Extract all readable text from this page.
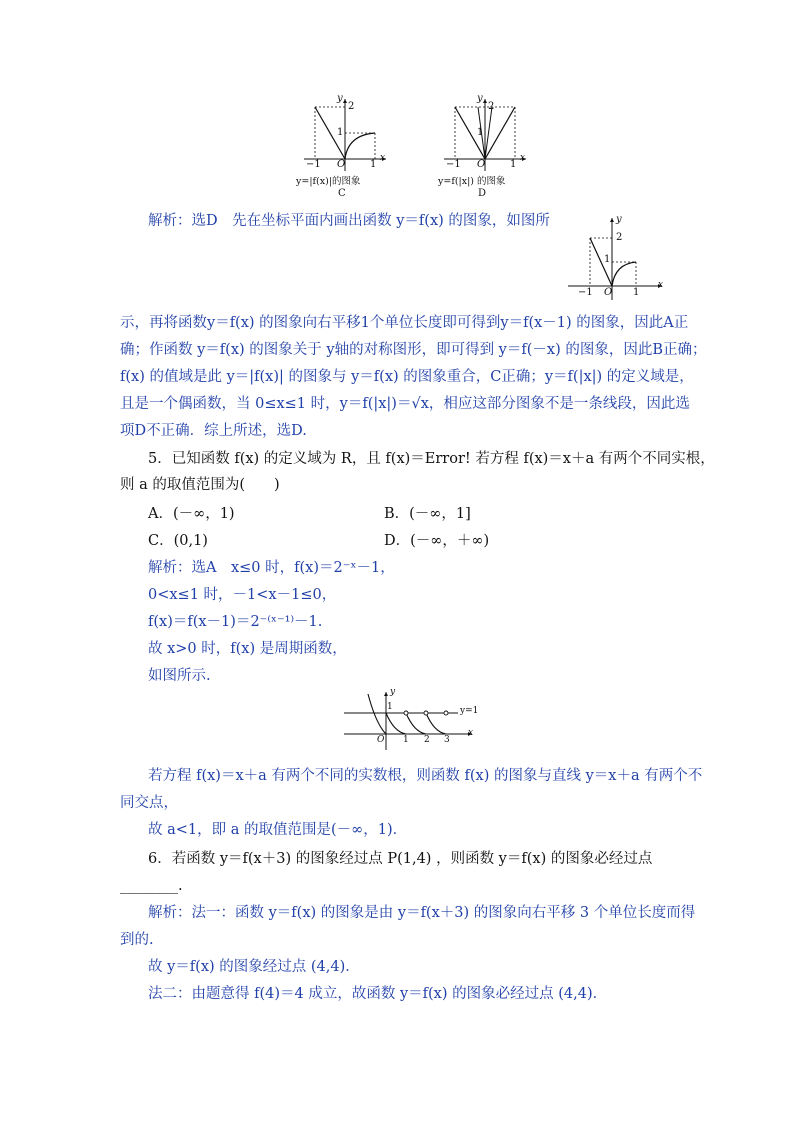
y
2
1
−1 O 1
x
y=|f(x)|的图象
C
y
2
1
−1 O 1
x
y=f(|x|) 的图象
D
解析：选D　先在坐标平面内画出函数 y＝f(x) 的图象，如图所	y
2
1
−1 O 1
x
示，再将函数y＝f(x) 的图象向右平移1个单位长度即可得到y＝f(x－1) 的图象，因此A正
确；作函数 y＝f(x) 的图象关于 y轴的对称图形，即可得到 y＝f(－x) 的图象，因此B正确；
f(x) 的值域是此 y＝|f(x)| 的图象与 y＝f(x) 的图象重合，C正确；y＝f(|x|) 的定义域是，
且是一个偶函数，当 0≤x≤1 时，y＝f(|x|)＝√x，相应这部分图象不是一条线段，因此选
项D不正确．综上所述，选D.
5．已知函数 f(x) 的定义域为 R，且 f(x)＝Error! 若方程 f(x)＝x＋a 有两个不同实根，
则 a 的取值范围为(　　)
A．(－∞，1)	B．(－∞，1]
C．(0,1)	D．(－∞，＋∞)
解析：选A　x≤0 时，f(x)＝2⁻ˣ－1，
0<x≤1 时，－1<x－1≤0，
f(x)＝f(x－1)＝2⁻⁽ˣ⁻¹⁾－1.
故 x>0 时，f(x) 是周期函数，
如图所示.
y
1
O 1 2 3
x
y=1
若方程 f(x)＝x＋a 有两个不同的实数根，则函数 f(x) 的图象与直线 y＝x＋a 有两个不
同交点，
故 a<1，即 a 的取值范围是(－∞，1)．
6．若函数 y＝f(x＋3) 的图象经过点 P(1,4) ，则函数 y＝f(x) 的图象必经过点
________.
解析：法一：函数 y＝f(x) 的图象是由 y＝f(x＋3) 的图象向右平移 3 个单位长度而得
到的.
故 y＝f(x) 的图象经过点 (4,4)．
法二：由题意得 f(4)＝4 成立，故函数 y＝f(x) 的图象必经过点 (4,4)．
